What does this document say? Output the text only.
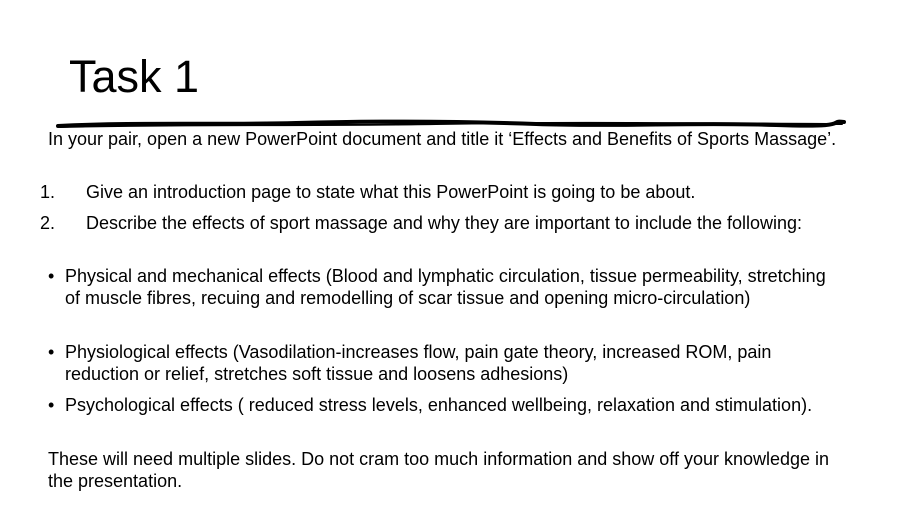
Task 1

In your pair, open a new PowerPoint document and title it ‘Effects and Benefits of Sports Massage’.

1. Give an introduction page to state what this PowerPoint is going to be about.
2. Describe the effects of sport massage and why they are important to include the following:
• Physical and mechanical effects (Blood and lymphatic circulation, tissue permeability, stretching of muscle fibres, recuing and remodelling of scar tissue and opening micro-circulation)
• Physiological effects (Vasodilation-increases flow, pain gate theory, increased ROM, pain reduction or relief, stretches soft tissue and loosens adhesions)
• Psychological effects ( reduced stress levels, enhanced wellbeing, relaxation and stimulation).

These will need multiple slides. Do not cram too much information and show off your knowledge in the presentation.
